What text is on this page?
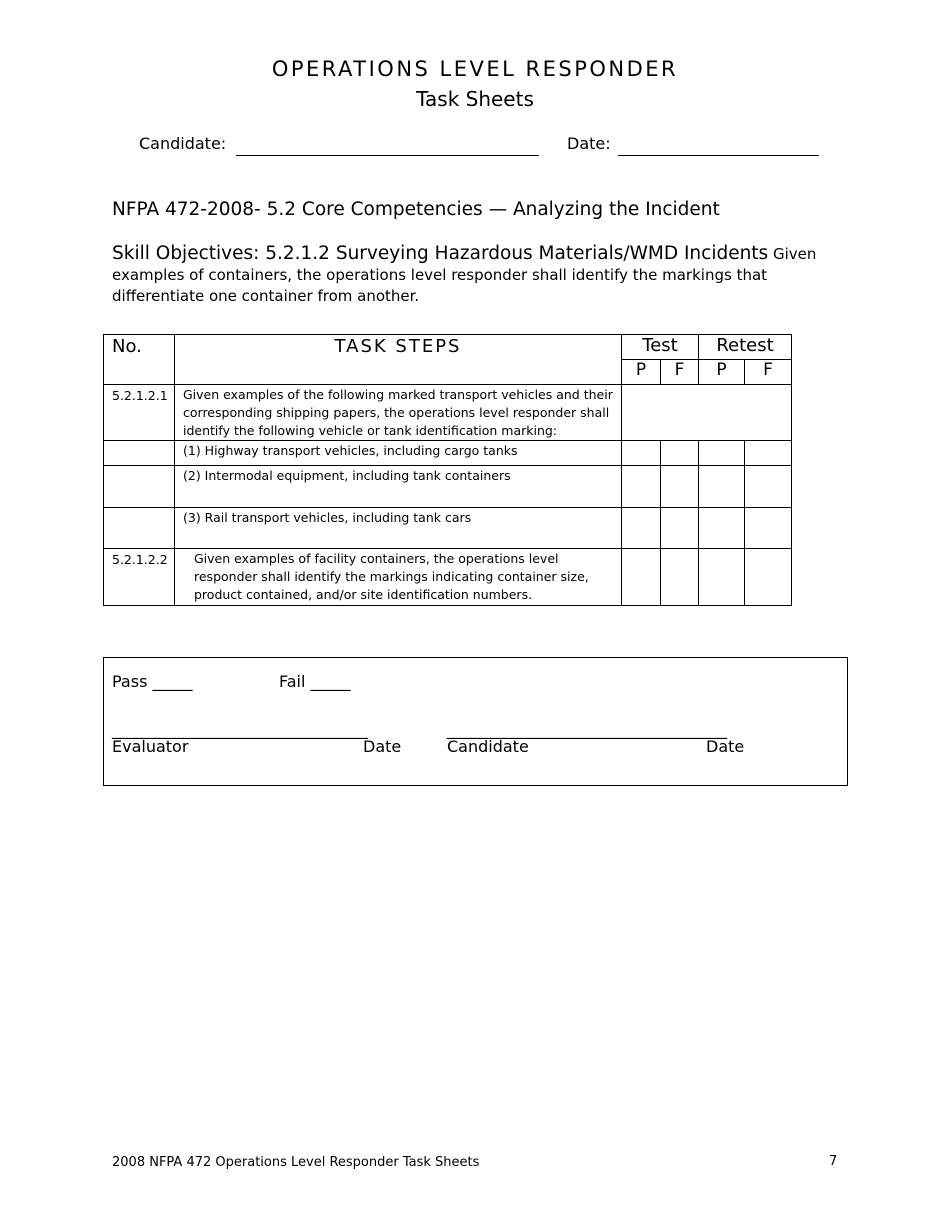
OPERATIONS LEVEL RESPONDER
Task Sheets
Candidate:	Date:
NFPA 472-2008- 5.2 Core Competencies — Analyzing the Incident
Skill Objectives: 5.2.1.2 Surveying Hazardous Materials/WMD Incidents Given examples of containers, the operations level responder shall identify the markings that differentiate one container from another.
No.	TASK STEPS	Test		Retest	
		P	F	P	F
5.2.1.2.1	Given examples of the following marked transport vehicles and their corresponding shipping papers, the operations level responder shall identify the following vehicle or tank identification marking:				
	(1) Highway transport vehicles, including cargo tanks				
	(2) Intermodal equipment, including tank containers				
	(3) Rail transport vehicles, including tank cars				
5.2.1.2.2	Given examples of facility containers, the operations level responder shall identify the markings indicating container size, product contained, and/or site identification numbers.				
Pass _____	Fail _____
________________________________	___________________________________
Evaluator	Date	Candidate	Date
2008 NFPA 472 Operations Level Responder Task Sheets	7
